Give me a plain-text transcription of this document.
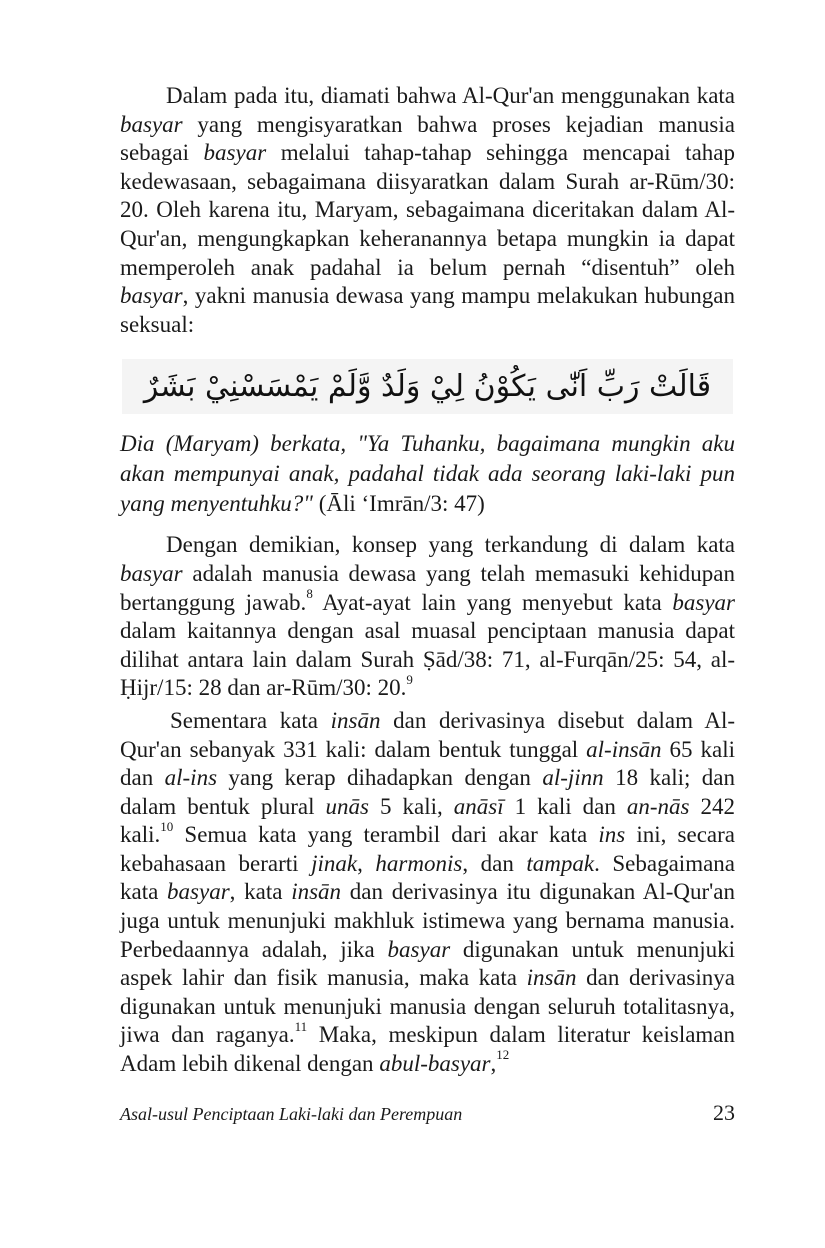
Dalam pada itu, diamati bahwa Al-Qur'an menggunakan kata basyar yang mengisyaratkan bahwa proses kejadian manusia sebagai basyar melalui tahap-tahap sehingga mencapai tahap kedewasaan, sebagaimana diisyaratkan dalam Surah ar-Rūm/30: 20. Oleh karena itu, Maryam, sebagaimana diceritakan dalam Al-Qur'an, mengungkapkan keheranannya betapa mungkin ia dapat memperoleh anak padahal ia belum pernah “disentuh” oleh basyar, yakni manusia dewasa yang mampu melakukan hubungan seksual:

قَالَتْ رَبِّ اَنّٰى يَكُوْنُ لِيْ وَلَدٌ وَّلَمْ يَمْسَسْنِيْ بَشَرٌ

Dia (Maryam) berkata, "Ya Tuhanku, bagaimana mungkin aku akan mempunyai anak, padahal tidak ada seorang laki-laki pun yang menyentuhku?" (Āli ‘Imrān/3: 47)

Dengan demikian, konsep yang terkandung di dalam kata basyar adalah manusia dewasa yang telah memasuki kehidupan bertanggung jawab.$^8$ Ayat-ayat lain yang menyebut kata basyar dalam kaitannya dengan asal muasal penciptaan manusia dapat dilihat antara lain dalam Surah Ṣād/38: 71, al-Furqān/25: 54, al-Ḥijr/15: 28 dan ar-Rūm/30: 20.$^9$

Sementara kata insān dan derivasinya disebut dalam Al-Qur'an sebanyak 331 kali: dalam bentuk tunggal al-insān 65 kali dan al-ins yang kerap dihadapkan dengan al-jinn 18 kali; dan dalam bentuk plural unās 5 kali, anāsī 1 kali dan an-nās 242 kali.$^{10}$ Semua kata yang terambil dari akar kata ins ini, secara kebahasaan berarti jinak, harmonis, dan tampak. Sebagaimana kata basyar, kata insān dan derivasinya itu digunakan Al-Qur'an juga untuk menunjuki makhluk istimewa yang bernama manusia. Perbedaannya adalah, jika basyar digunakan untuk menunjuki aspek lahir dan fisik manusia, maka kata insān dan derivasinya digunakan untuk menunjuki manusia dengan seluruh totalitasnya, jiwa dan raganya.$^{11}$ Maka, meskipun dalam literatur keislaman Adam lebih dikenal dengan abul-basyar,$^{12}$

Asal-usul Penciptaan Laki-laki dan Perempuan	23
